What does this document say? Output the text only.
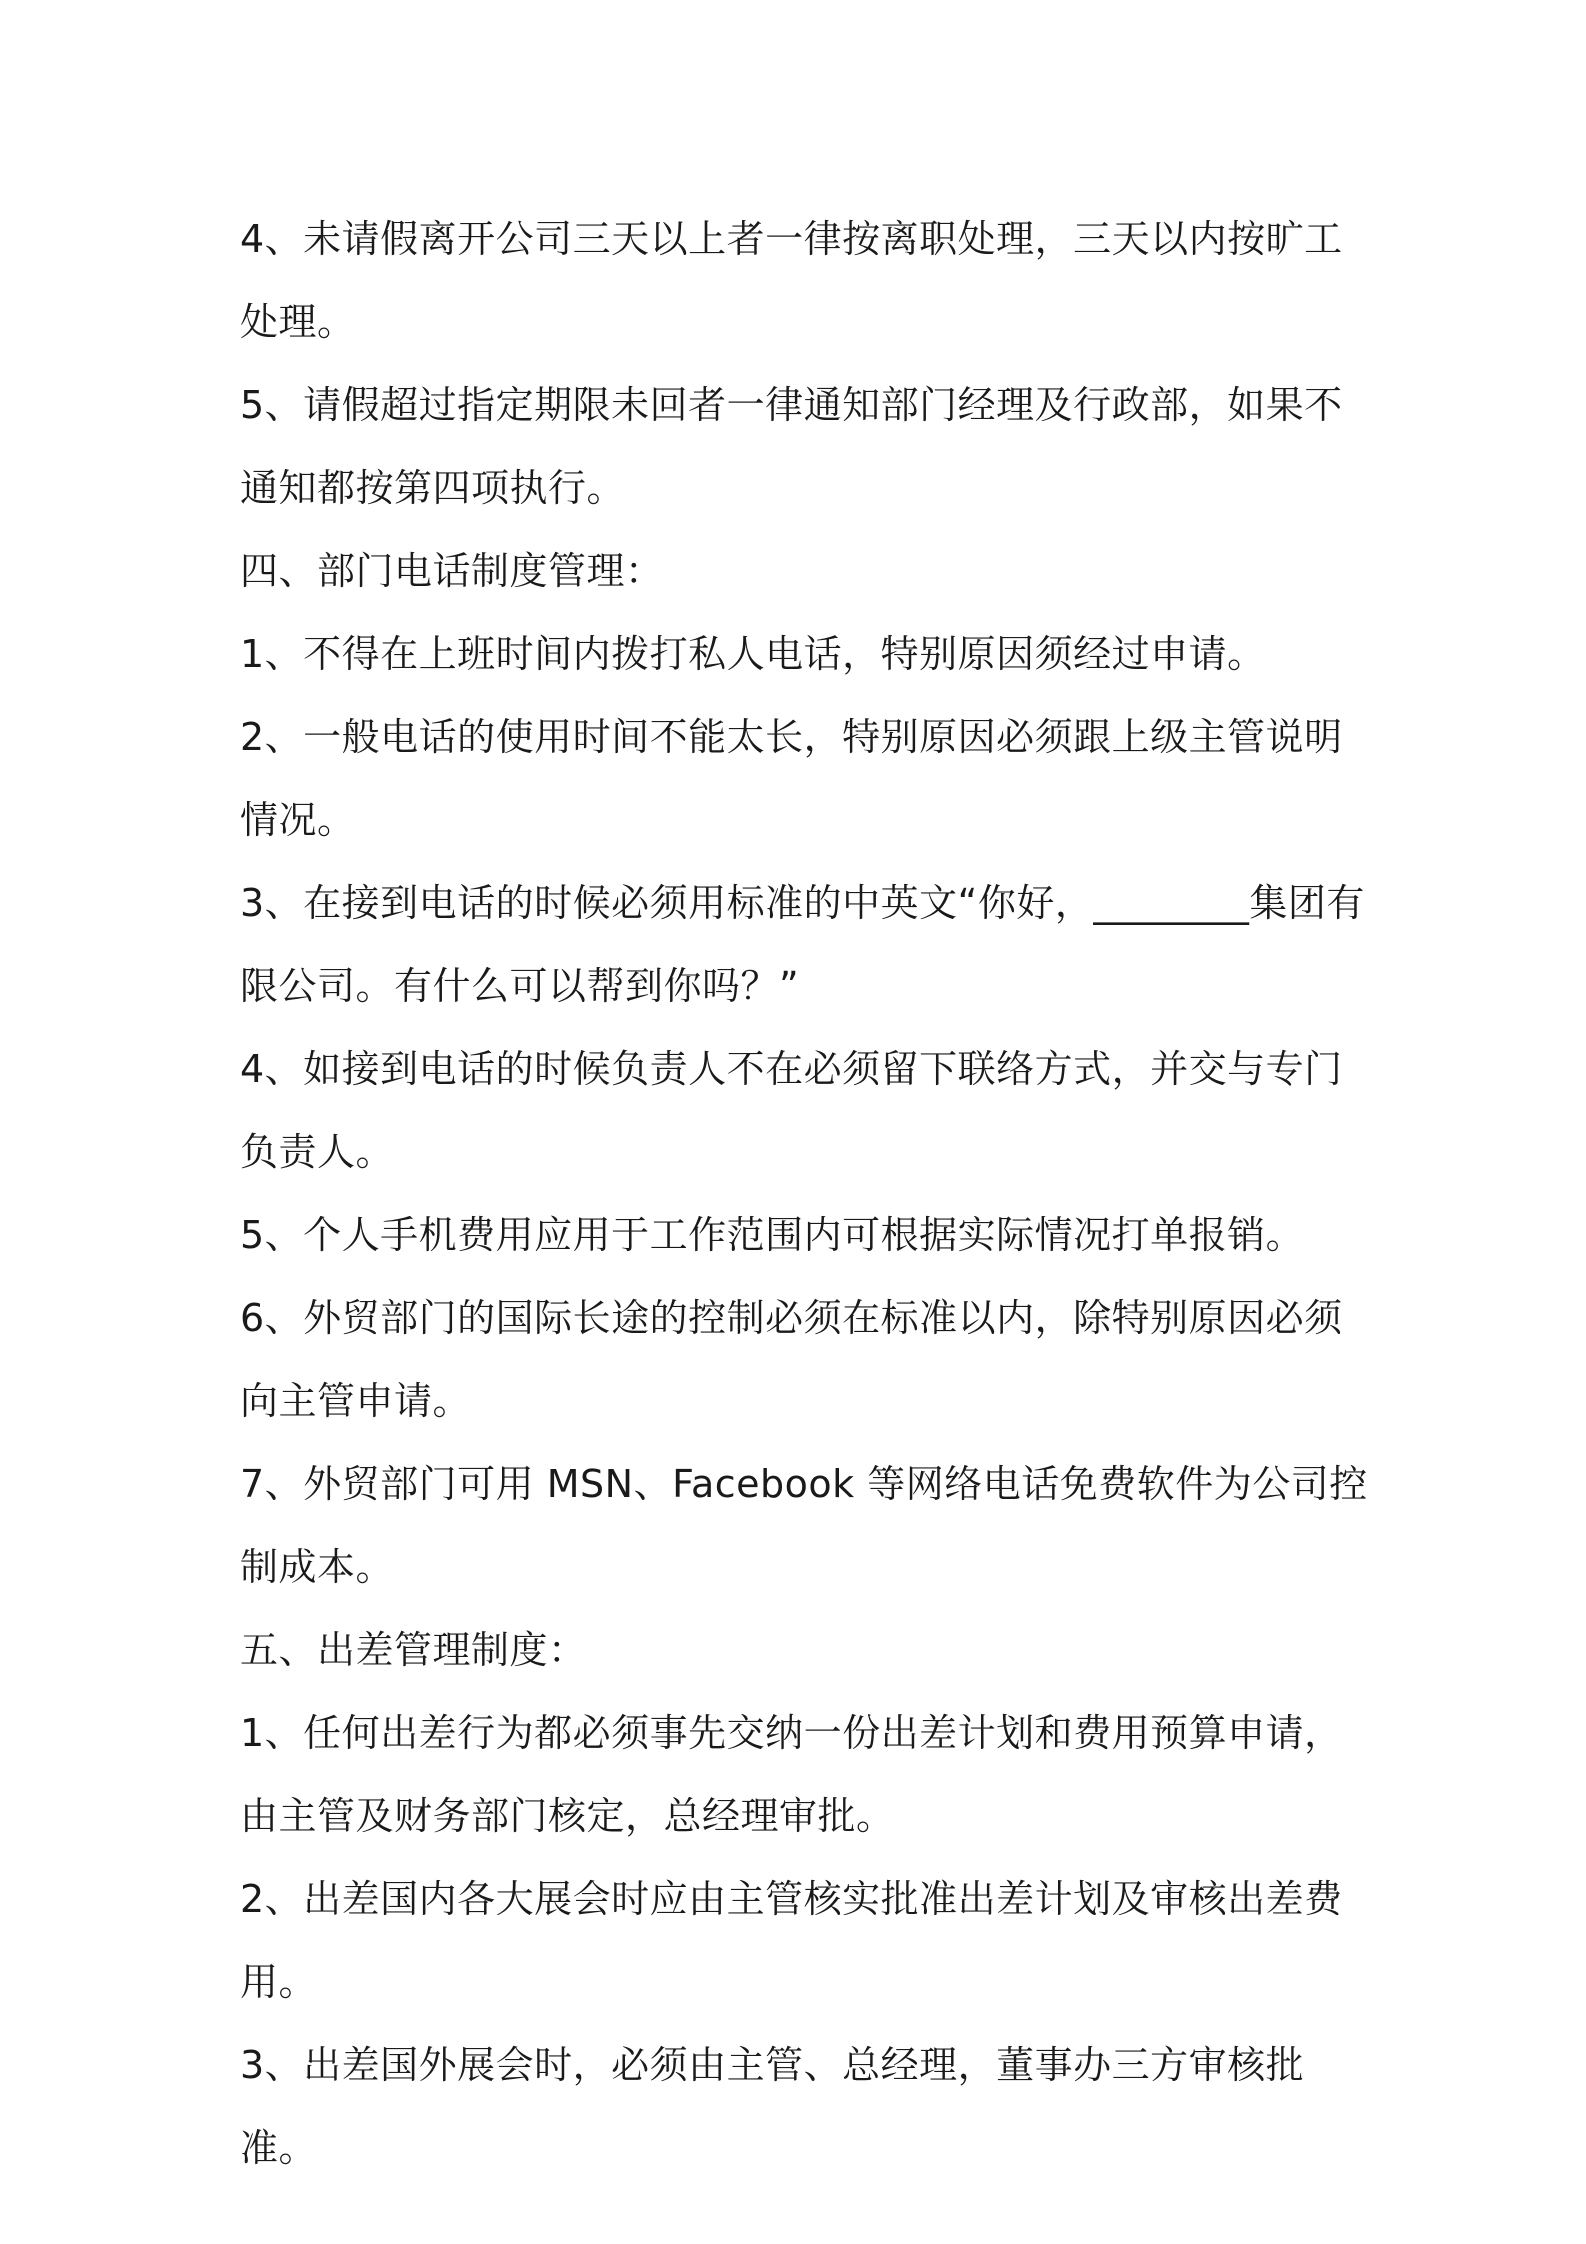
4、未请假离开公司三天以上者一律按离职处理，三天以内按旷工处理。

5、请假超过指定期限未回者一律通知部门经理及行政部，如果不通知都按第四项执行。

四、部门电话制度管理：

1、不得在上班时间内拨打私人电话，特别原因须经过申请。

2、一般电话的使用时间不能太长，特别原因必须跟上级主管说明情况。

3、在接到电话的时候必须用标准的中英文“你好，________集团有限公司。有什么可以帮到你吗？”

4、如接到电话的时候负责人不在必须留下联络方式，并交与专门负责人。

5、个人手机费用应用于工作范围内可根据实际情况打单报销。

6、外贸部门的国际长途的控制必须在标准以内，除特别原因必须向主管申请。

7、外贸部门可用 MSN、Facebook 等网络电话免费软件为公司控制成本。

五、出差管理制度：

1、任何出差行为都必须事先交纳一份出差计划和费用预算申请，由主管及财务部门核定，总经理审批。

2、出差国内各大展会时应由主管核实批准出差计划及审核出差费用。

3、出差国外展会时，必须由主管、总经理，董事办三方审核批准。
